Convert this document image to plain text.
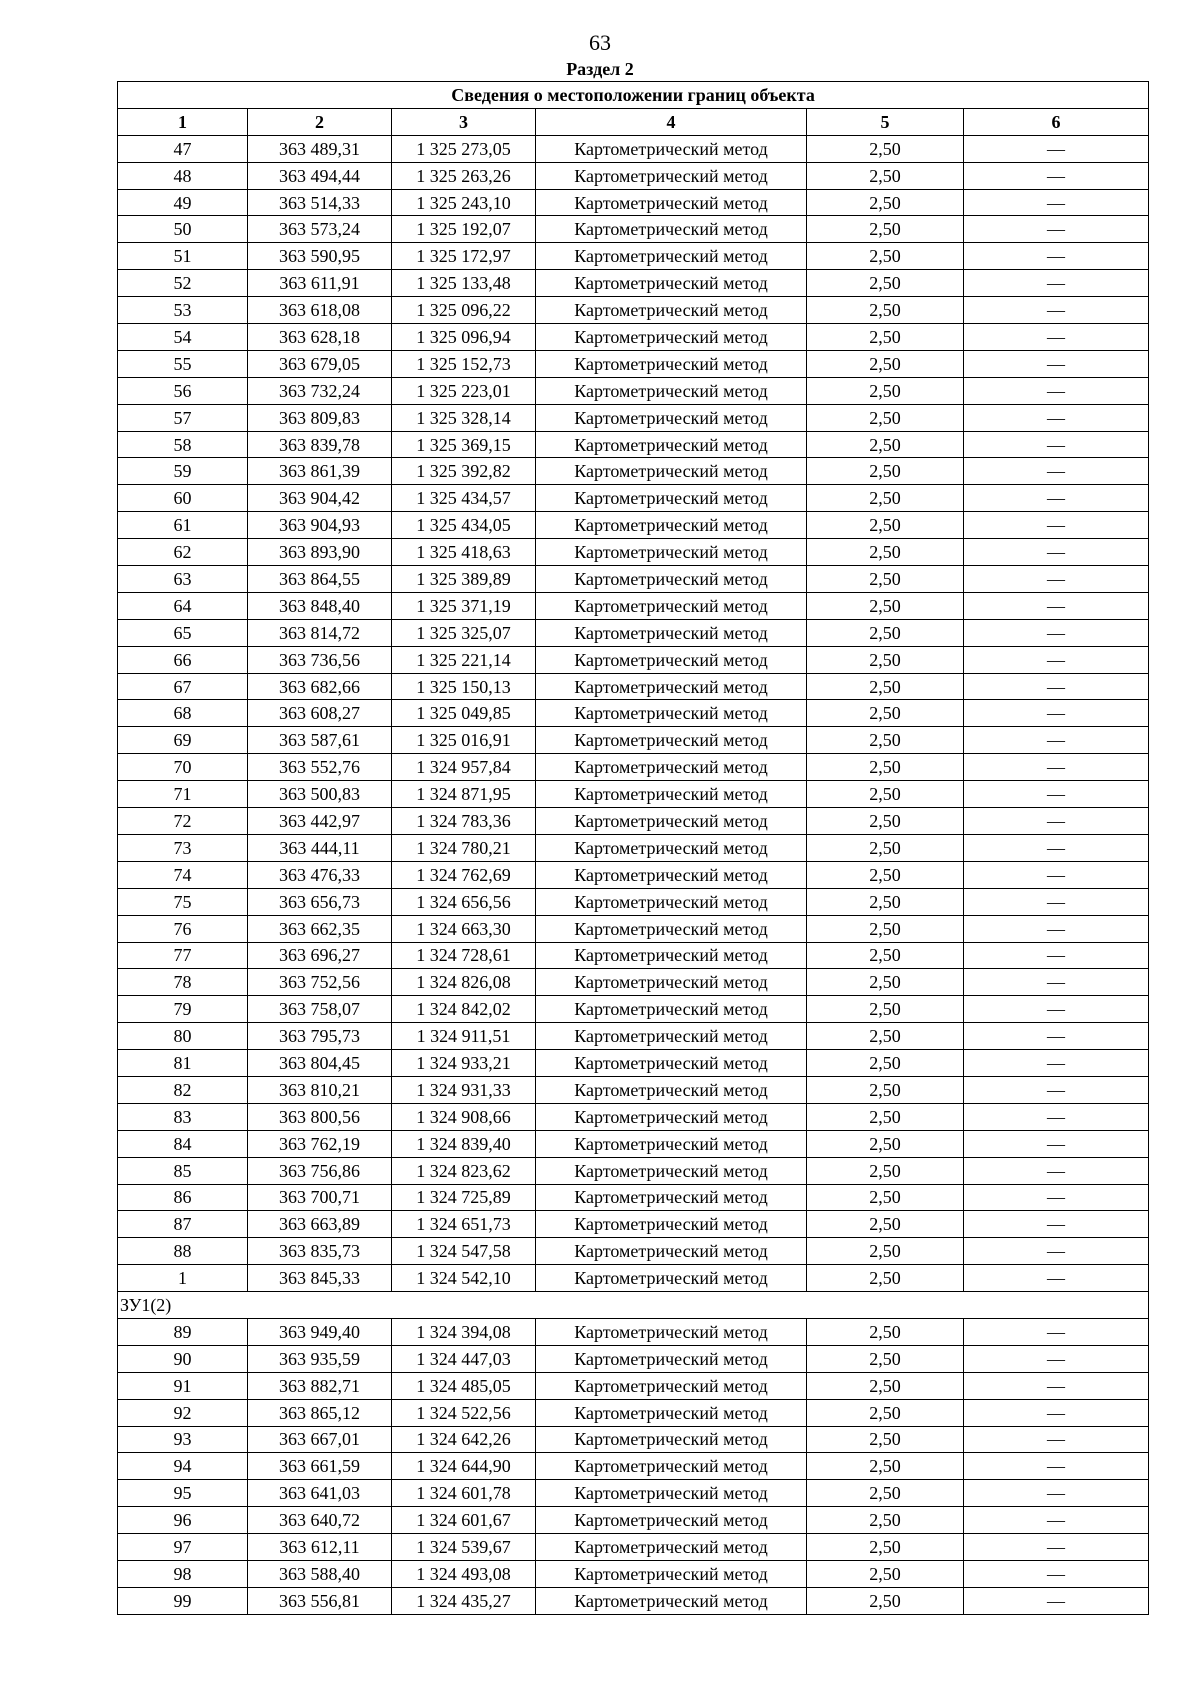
63
Раздел 2
Сведения о местоположении границ объекта					
1	2	3	4	5	6
47	363 489,31	1 325 273,05	Картометрический метод	2,50	—
48	363 494,44	1 325 263,26	Картометрический метод	2,50	—
49	363 514,33	1 325 243,10	Картометрический метод	2,50	—
50	363 573,24	1 325 192,07	Картометрический метод	2,50	—
51	363 590,95	1 325 172,97	Картометрический метод	2,50	—
52	363 611,91	1 325 133,48	Картометрический метод	2,50	—
53	363 618,08	1 325 096,22	Картометрический метод	2,50	—
54	363 628,18	1 325 096,94	Картометрический метод	2,50	—
55	363 679,05	1 325 152,73	Картометрический метод	2,50	—
56	363 732,24	1 325 223,01	Картометрический метод	2,50	—
57	363 809,83	1 325 328,14	Картометрический метод	2,50	—
58	363 839,78	1 325 369,15	Картометрический метод	2,50	—
59	363 861,39	1 325 392,82	Картометрический метод	2,50	—
60	363 904,42	1 325 434,57	Картометрический метод	2,50	—
61	363 904,93	1 325 434,05	Картометрический метод	2,50	—
62	363 893,90	1 325 418,63	Картометрический метод	2,50	—
63	363 864,55	1 325 389,89	Картометрический метод	2,50	—
64	363 848,40	1 325 371,19	Картометрический метод	2,50	—
65	363 814,72	1 325 325,07	Картометрический метод	2,50	—
66	363 736,56	1 325 221,14	Картометрический метод	2,50	—
67	363 682,66	1 325 150,13	Картометрический метод	2,50	—
68	363 608,27	1 325 049,85	Картометрический метод	2,50	—
69	363 587,61	1 325 016,91	Картометрический метод	2,50	—
70	363 552,76	1 324 957,84	Картометрический метод	2,50	—
71	363 500,83	1 324 871,95	Картометрический метод	2,50	—
72	363 442,97	1 324 783,36	Картометрический метод	2,50	—
73	363 444,11	1 324 780,21	Картометрический метод	2,50	—
74	363 476,33	1 324 762,69	Картометрический метод	2,50	—
75	363 656,73	1 324 656,56	Картометрический метод	2,50	—
76	363 662,35	1 324 663,30	Картометрический метод	2,50	—
77	363 696,27	1 324 728,61	Картометрический метод	2,50	—
78	363 752,56	1 324 826,08	Картометрический метод	2,50	—
79	363 758,07	1 324 842,02	Картометрический метод	2,50	—
80	363 795,73	1 324 911,51	Картометрический метод	2,50	—
81	363 804,45	1 324 933,21	Картометрический метод	2,50	—
82	363 810,21	1 324 931,33	Картометрический метод	2,50	—
83	363 800,56	1 324 908,66	Картометрический метод	2,50	—
84	363 762,19	1 324 839,40	Картометрический метод	2,50	—
85	363 756,86	1 324 823,62	Картометрический метод	2,50	—
86	363 700,71	1 324 725,89	Картометрический метод	2,50	—
87	363 663,89	1 324 651,73	Картометрический метод	2,50	—
88	363 835,73	1 324 547,58	Картометрический метод	2,50	—
1	363 845,33	1 324 542,10	Картометрический метод	2,50	—
ЗУ1(2)					
89	363 949,40	1 324 394,08	Картометрический метод	2,50	—
90	363 935,59	1 324 447,03	Картометрический метод	2,50	—
91	363 882,71	1 324 485,05	Картометрический метод	2,50	—
92	363 865,12	1 324 522,56	Картометрический метод	2,50	—
93	363 667,01	1 324 642,26	Картометрический метод	2,50	—
94	363 661,59	1 324 644,90	Картометрический метод	2,50	—
95	363 641,03	1 324 601,78	Картометрический метод	2,50	—
96	363 640,72	1 324 601,67	Картометрический метод	2,50	—
97	363 612,11	1 324 539,67	Картометрический метод	2,50	—
98	363 588,40	1 324 493,08	Картометрический метод	2,50	—
99	363 556,81	1 324 435,27	Картометрический метод	2,50	—
